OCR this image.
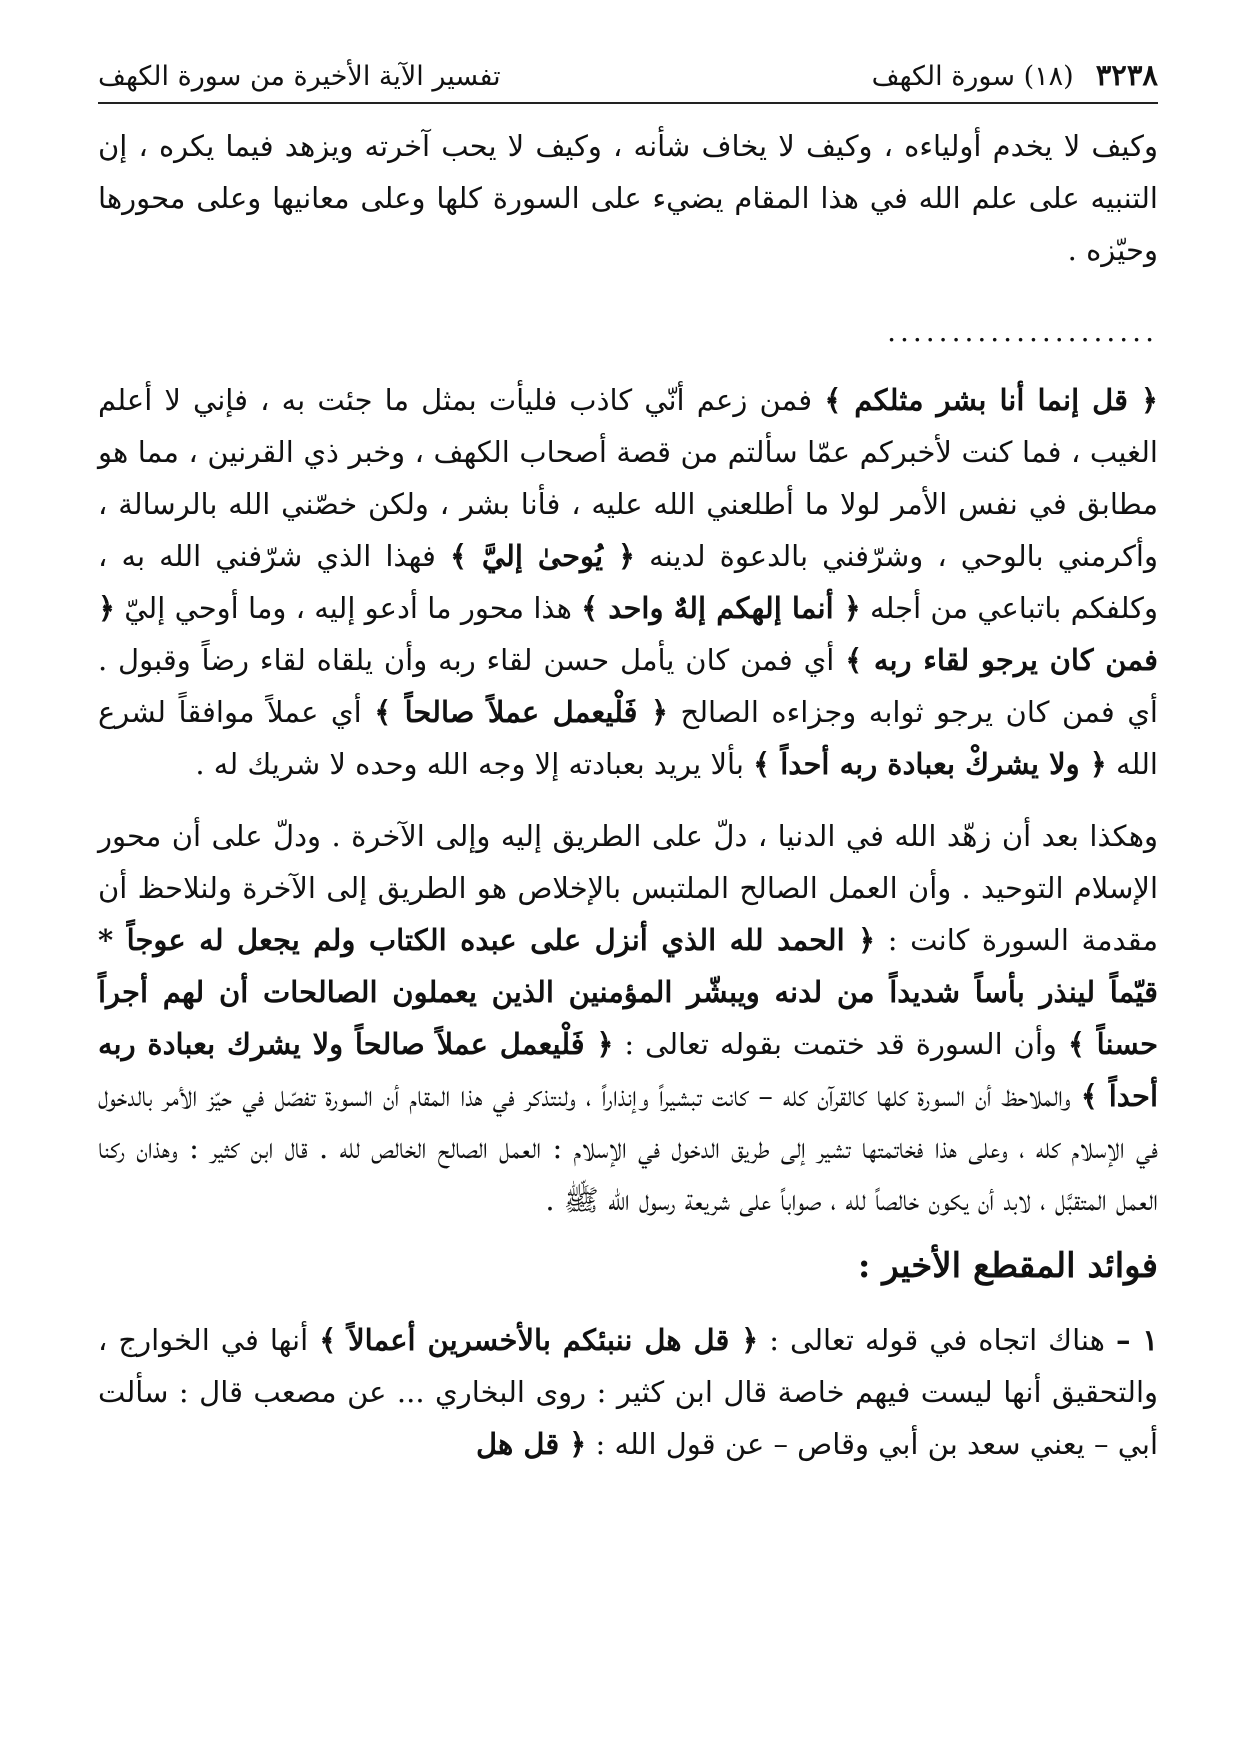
٣٢٣٨
(١٨) سورة الكهف
تفسير الآية الأخيرة من سورة الكهف

وكيف لا يخدم أولياءه ، وكيف لا يخاف شأنه ، وكيف لا يحب آخرته ويزهد فيما يكره ، إن التنبيه على علم الله في هذا المقام يضيء على السورة كلها وعلى معانيها وعلى محورها وحيّزه .

.....................

﴿ قل إنما أنا بشر مثلكم ﴾ فمن زعم أنّي كاذب فليأت بمثل ما جئت به ، فإني لا أعلم الغيب ، فما كنت لأخبركم عمّا سألتم من قصة أصحاب الكهف ، وخبر ذي القرنين ، مما هو مطابق في نفس الأمر لولا ما أطلعني الله عليه ، فأنا بشر ، ولكن خصّني الله بالرسالة ، وأكرمني بالوحي ، وشرّفني بالدعوة لدينه ﴿ يُوحىٰ إليَّ ﴾ فهذا الذي شرّفني الله به ، وكلفكم باتباعي من أجله ﴿ أنما إلهكم إلهٌ واحد ﴾ هذا محور ما أدعو إليه ، وما أوحي إليّ ﴿ فمن كان يرجو لقاء ربه ﴾ أي فمن كان يأمل حسن لقاء ربه وأن يلقاه لقاء رضاً وقبول . أي فمن كان يرجو ثوابه وجزاءه الصالح ﴿ فَلْيعمل عملاً صالحاً ﴾ أي عملاً موافقاً لشرع الله ﴿ ولا يشركْ بعبادة ربه أحداً ﴾ بألا يريد بعبادته إلا وجه الله وحده لا شريك له .

وهكذا بعد أن زهّد الله في الدنيا ، دلّ على الطريق إليه وإلى الآخرة . ودلّ على أن محور الإسلام التوحيد . وأن العمل الصالح الملتبس بالإخلاص هو الطريق إلى الآخرة ولنلاحظ أن مقدمة السورة كانت : ﴿ الحمد لله الذي أنزل على عبده الكتاب ولم يجعل له عوجاً * قيّماً لينذر بأساً شديداً من لدنه ويبشّر المؤمنين الذين يعملون الصالحات أن لهم أجراً حسناً ﴾ وأن السورة قد ختمت بقوله تعالى : ﴿ فَلْيعمل عملاً صالحاً ولا يشرك بعبادة ربه أحداً ﴾ والملاحظ أن السورة كلها كالقرآن كله – كانت تبشيراً وإنذاراً ، ولنتذكر في هذا المقام أن السورة تفصّل في حيّز الأمر بالدخول في الإسلام كله ، وعلى هذا فخاتمتها تشير إلى طريق الدخول في الإسلام : العمل الصالح الخالص لله . قال ابن كثير : وهذان ركنا العمل المتقبَّل ، لابد أن يكون خالصاً لله ، صواباً على شريعة رسول الله ﷺ .

فوائد المقطع الأخير :

١ – هناك اتجاه في قوله تعالى : ﴿ قل هل ننبئكم بالأخسرين أعمالاً ﴾ أنها في الخوارج ، والتحقيق أنها ليست فيهم خاصة قال ابن كثير : روى البخاري ... عن مصعب قال : سألت أبي – يعني سعد بن أبي وقاص – عن قول الله : ﴿ قل هل
